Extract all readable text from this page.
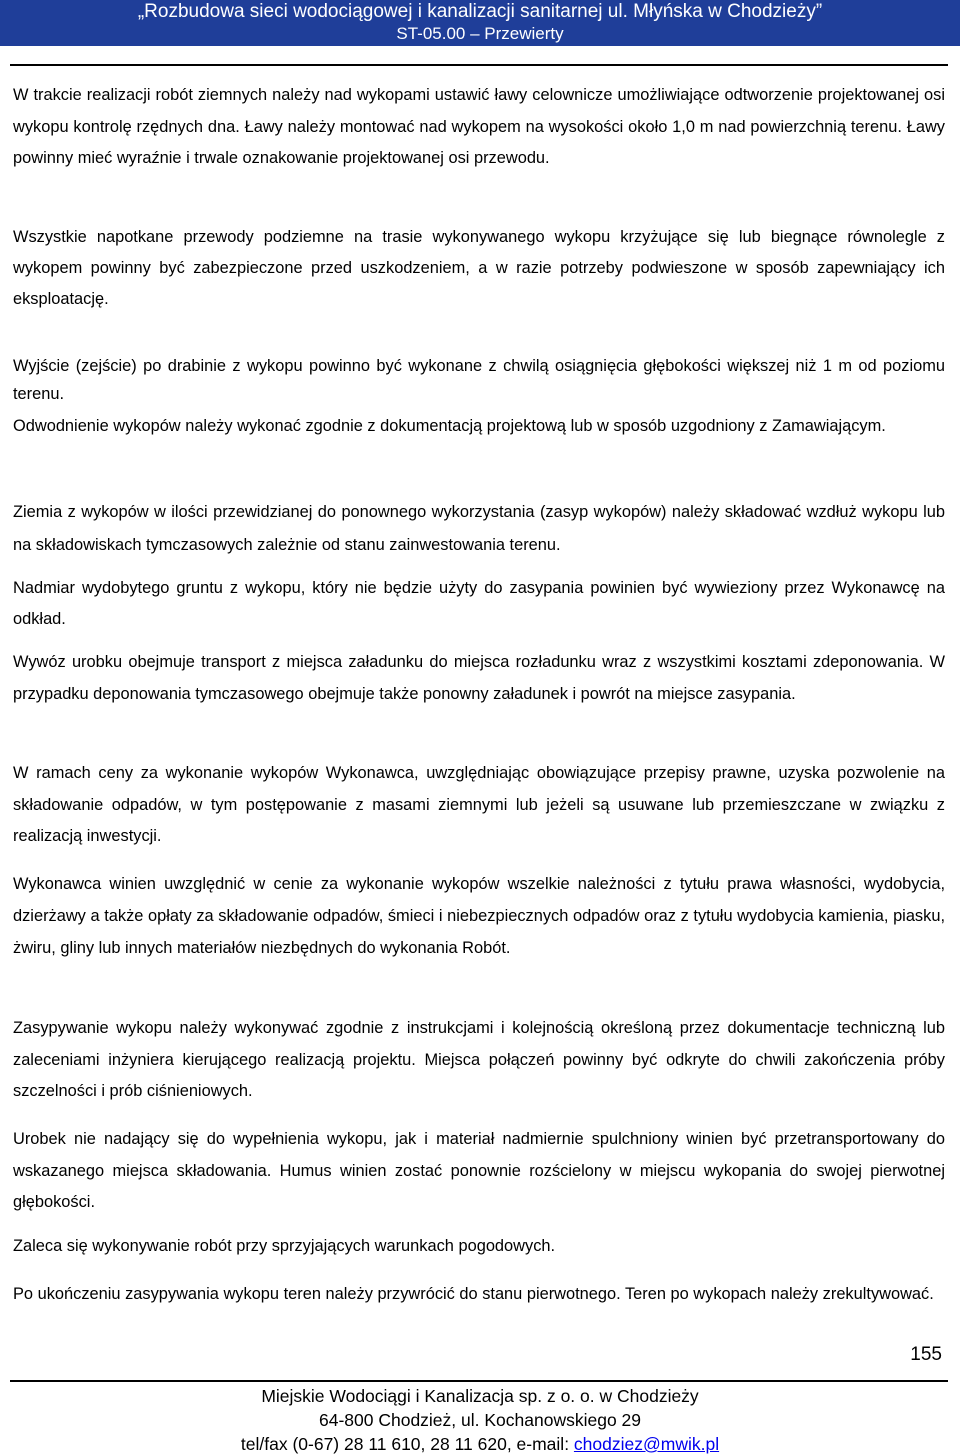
„Rozbudowa sieci wodociągowej i kanalizacji sanitarnej ul. Młyńska w Chodzieży”
ST-05.00 – Przewierty

W trakcie realizacji robót ziemnych należy nad wykopami ustawić ławy celownicze umożliwiające odtworzenie projektowanej osi wykopu kontrolę rzędnych dna. Ławy należy montować nad wykopem na wysokości około 1,0 m nad powierzchnią terenu. Ławy powinny mieć wyraźnie i trwale oznakowanie projektowanej osi przewodu.

Wszystkie napotkane przewody podziemne na trasie wykonywanego wykopu krzyżujące się lub biegnące równolegle z wykopem powinny być zabezpieczone przed uszkodzeniem, a w razie potrzeby podwieszone w sposób zapewniający ich eksploatację.

Wyjście (zejście) po drabinie z wykopu powinno być wykonane z chwilą osiągnięcia głębokości większej niż 1 m od poziomu terenu.

Odwodnienie wykopów należy wykonać zgodnie z dokumentacją projektową lub w sposób uzgodniony z Zamawiającym.

Ziemia z wykopów w ilości przewidzianej do ponownego wykorzystania (zasyp wykopów) należy składować wzdłuż wykopu lub na składowiskach tymczasowych zależnie od stanu zainwestowania terenu.

Nadmiar wydobytego gruntu z wykopu, który nie będzie użyty do zasypania powinien być wywieziony przez Wykonawcę na odkład.

Wywóz urobku obejmuje transport z miejsca załadunku do miejsca rozładunku wraz z wszystkimi kosztami zdeponowania. W przypadku deponowania tymczasowego obejmuje także ponowny załadunek i powrót na miejsce zasypania.

W ramach ceny za wykonanie wykopów Wykonawca, uwzględniając obowiązujące przepisy prawne, uzyska pozwolenie na składowanie odpadów, w tym postępowanie z masami ziemnymi lub jeżeli są usuwane lub przemieszczane w związku z realizacją inwestycji.

Wykonawca winien uwzględnić w cenie za wykonanie wykopów wszelkie należności z tytułu prawa własności, wydobycia, dzierżawy a także opłaty za składowanie odpadów, śmieci i niebezpiecznych odpadów oraz z tytułu wydobycia kamienia, piasku, żwiru, gliny lub innych materiałów niezbędnych do wykonania Robót.

Zasypywanie wykopu należy wykonywać zgodnie z instrukcjami i kolejnością określoną przez dokumentacje techniczną lub zaleceniami inżyniera kierującego realizacją projektu. Miejsca połączeń powinny być odkryte do chwili zakończenia próby szczelności i prób ciśnieniowych.

Urobek nie nadający się do wypełnienia wykopu, jak i materiał nadmiernie spulchniony winien być przetransportowany do wskazanego miejsca składowania. Humus winien zostać ponownie rozścielony w miejscu wykopania do swojej pierwotnej głębokości.

Zaleca się wykonywanie robót przy sprzyjających warunkach pogodowych.

Po ukończeniu zasypywania wykopu teren należy przywrócić do stanu pierwotnego. Teren po wykopach należy zrekultywować.

155
Miejskie Wodociągi i Kanalizacja sp. z o. o. w Chodzieży
64-800 Chodzież, ul. Kochanowskiego 29
tel/fax (0-67) 28 11 610, 28 11 620, e-mail: chodziez@mwik.pl
